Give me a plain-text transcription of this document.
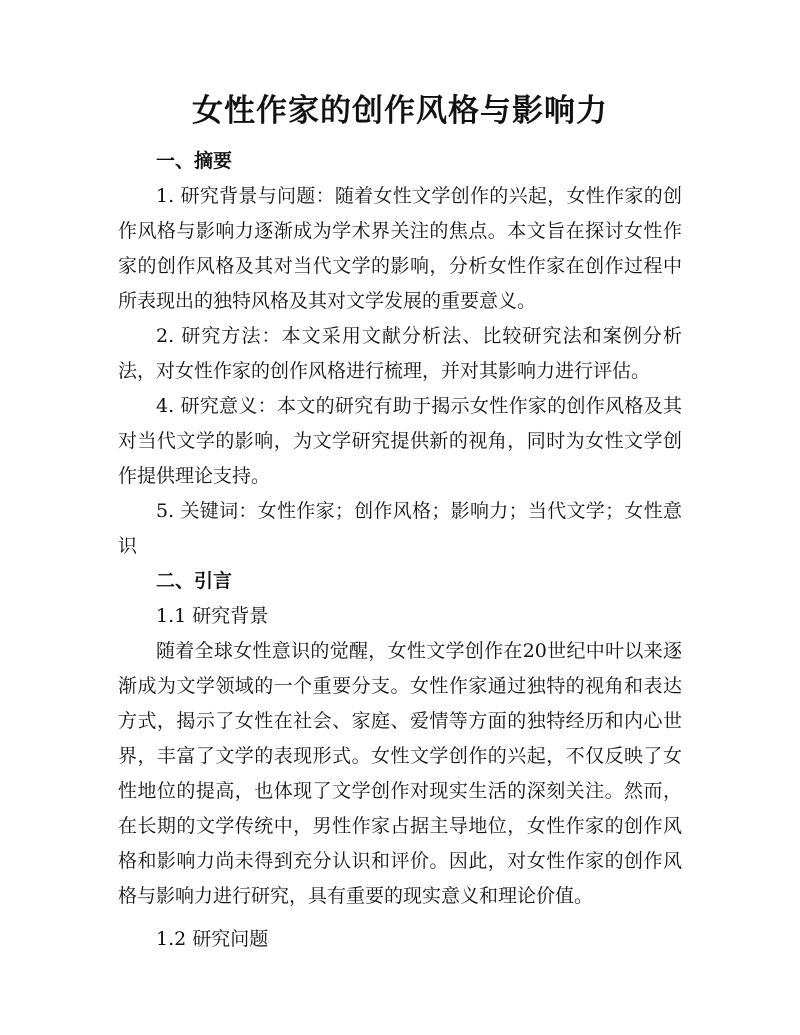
女性作家的创作风格与影响力

一、摘要

1. 研究背景与问题：随着女性文学创作的兴起，女性作家的创作风格与影响力逐渐成为学术界关注的焦点。本文旨在探讨女性作家的创作风格及其对当代文学的影响，分析女性作家在创作过程中所表现出的独特风格及其对文学发展的重要意义。

2. 研究方法：本文采用文献分析法、比较研究法和案例分析法，对女性作家的创作风格进行梳理，并对其影响力进行评估。

4. 研究意义：本文的研究有助于揭示女性作家的创作风格及其对当代文学的影响，为文学研究提供新的视角，同时为女性文学创作提供理论支持。

5. 关键词：女性作家；创作风格；影响力；当代文学；女性意识

二、引言

1.1 研究背景

随着全球女性意识的觉醒，女性文学创作在20世纪中叶以来逐渐成为文学领域的一个重要分支。女性作家通过独特的视角和表达方式，揭示了女性在社会、家庭、爱情等方面的独特经历和内心世界，丰富了文学的表现形式。女性文学创作的兴起，不仅反映了女性地位的提高，也体现了文学创作对现实生活的深刻关注。然而，在长期的文学传统中，男性作家占据主导地位，女性作家的创作风格和影响力尚未得到充分认识和评价。因此，对女性作家的创作风格与影响力进行研究，具有重要的现实意义和理论价值。

1.2 研究问题
